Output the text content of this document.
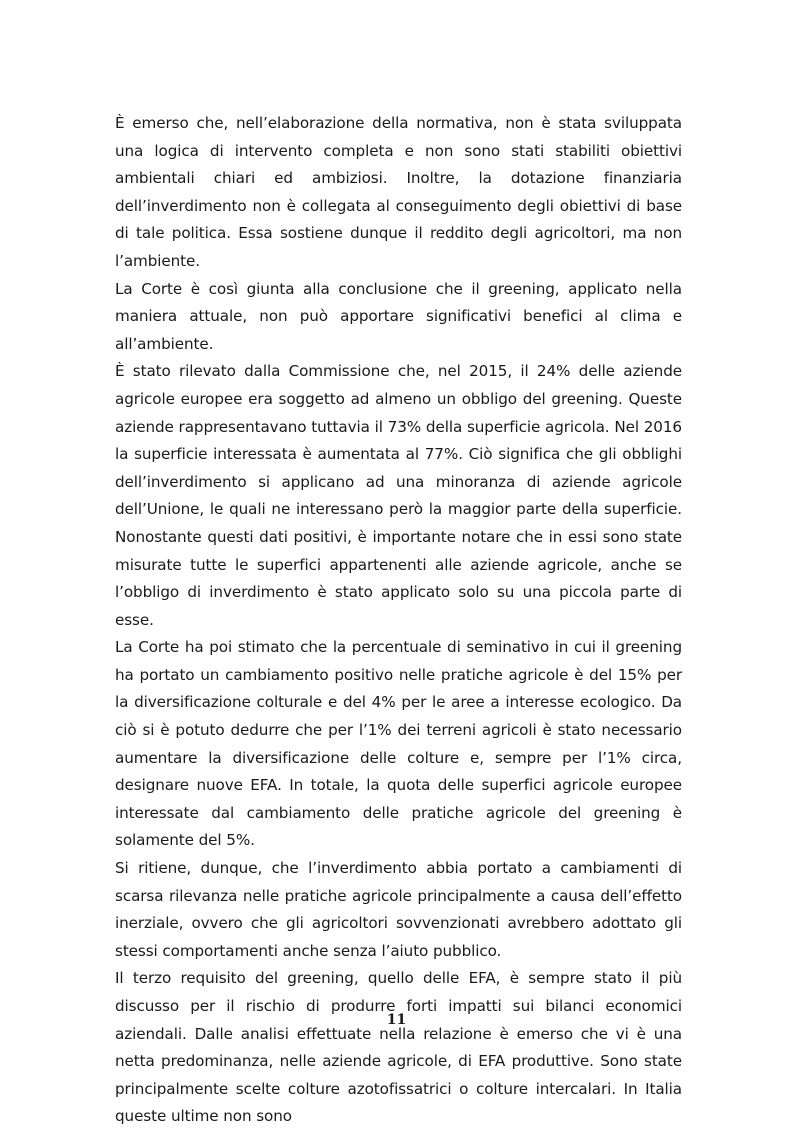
È emerso che, nell’elaborazione della normativa, non è stata sviluppata una logica di intervento completa e non sono stati stabiliti obiettivi ambientali chiari ed ambiziosi. Inoltre, la dotazione finanziaria dell’inverdimento non è collegata al conseguimento degli obiettivi di base di tale politica. Essa sostiene dunque il reddito degli agricoltori, ma non l’ambiente.

La Corte è così giunta alla conclusione che il greening, applicato nella maniera attuale, non può apportare significativi benefici al clima e all’ambiente.

È stato rilevato dalla Commissione che, nel 2015, il 24% delle aziende agricole europee era soggetto ad almeno un obbligo del greening. Queste aziende rappresentavano tuttavia il 73% della superficie agricola. Nel 2016 la superficie interessata è aumentata al 77%. Ciò significa che gli obblighi dell’inverdimento si applicano ad una minoranza di aziende agricole dell’Unione, le quali ne interessano però la maggior parte della superficie. Nonostante questi dati positivi, è importante notare che in essi sono state misurate tutte le superfici appartenenti alle aziende agricole, anche se l’obbligo di inverdimento è stato applicato solo su una piccola parte di esse.

La Corte ha poi stimato che la percentuale di seminativo in cui il greening ha portato un cambiamento positivo nelle pratiche agricole è del 15% per la diversificazione colturale e del 4% per le aree a interesse ecologico. Da ciò si è potuto dedurre che per l’1% dei terreni agricoli è stato necessario aumentare la diversificazione delle colture e, sempre per l’1% circa, designare nuove EFA. In totale, la quota delle superfici agricole europee interessate dal cambiamento delle pratiche agricole del greening è solamente del 5%.

Si ritiene, dunque, che l’inverdimento abbia portato a cambiamenti di scarsa rilevanza nelle pratiche agricole principalmente a causa dell’effetto inerziale, ovvero che gli agricoltori sovvenzionati avrebbero adottato gli stessi comportamenti anche senza l’aiuto pubblico.

Il terzo requisito del greening, quello delle EFA, è sempre stato il più discusso per il rischio di produrre forti impatti sui bilanci economici aziendali. Dalle analisi effettuate nella relazione è emerso che vi è una netta predominanza, nelle aziende agricole, di EFA produttive. Sono state principalmente scelte colture azotofissatrici o colture intercalari. In Italia queste ultime non sono

11
